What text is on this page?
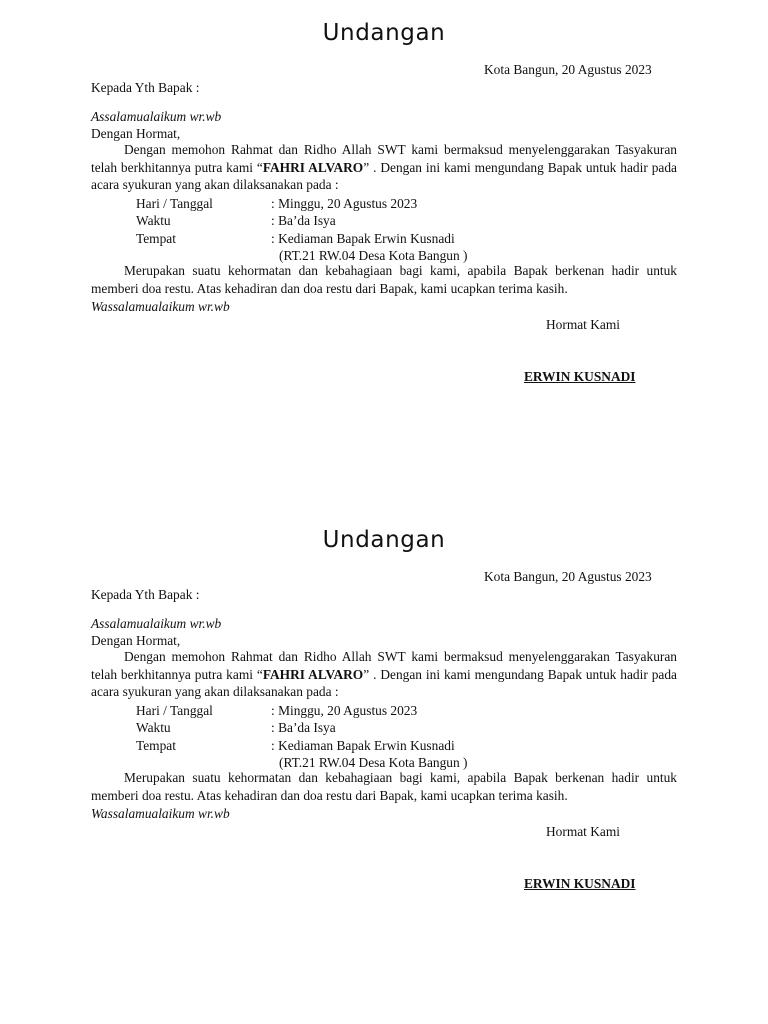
Undangan
Kota Bangun, 20 Agustus 2023
Kepada Yth Bapak :
Assalamualaikum wr.wb
Dengan Hormat,
Dengan memohon Rahmat dan Ridho Allah SWT kami bermaksud menyelenggarakan Tasyakuran telah berkhitannya putra kami “FAHRI ALVARO” . Dengan ini kami mengundang Bapak untuk hadir pada acara syukuran yang akan dilaksanakan pada :
Hari / Tanggal	: Minggu, 20 Agustus 2023
Waktu	: Ba’da Isya
Tempat	: Kediaman Bapak Erwin Kusnadi
(RT.21 RW.04 Desa Kota Bangun )
Merupakan suatu kehormatan dan kebahagiaan bagi kami, apabila Bapak berkenan hadir untuk memberi doa restu. Atas kehadiran dan doa restu dari Bapak, kami ucapkan terima kasih.
Wassalamualaikum wr.wb
Hormat Kami
ERWIN KUSNADI
Undangan
Kota Bangun, 20 Agustus 2023
Kepada Yth Bapak :
Assalamualaikum wr.wb
Dengan Hormat,
Dengan memohon Rahmat dan Ridho Allah SWT kami bermaksud menyelenggarakan Tasyakuran telah berkhitannya putra kami “FAHRI ALVARO” . Dengan ini kami mengundang Bapak untuk hadir pada acara syukuran yang akan dilaksanakan pada :
Hari / Tanggal	: Minggu, 20 Agustus 2023
Waktu	: Ba’da Isya
Tempat	: Kediaman Bapak Erwin Kusnadi
(RT.21 RW.04 Desa Kota Bangun )
Merupakan suatu kehormatan dan kebahagiaan bagi kami, apabila Bapak berkenan hadir untuk memberi doa restu. Atas kehadiran dan doa restu dari Bapak, kami ucapkan terima kasih.
Wassalamualaikum wr.wb
Hormat Kami
ERWIN KUSNADI
